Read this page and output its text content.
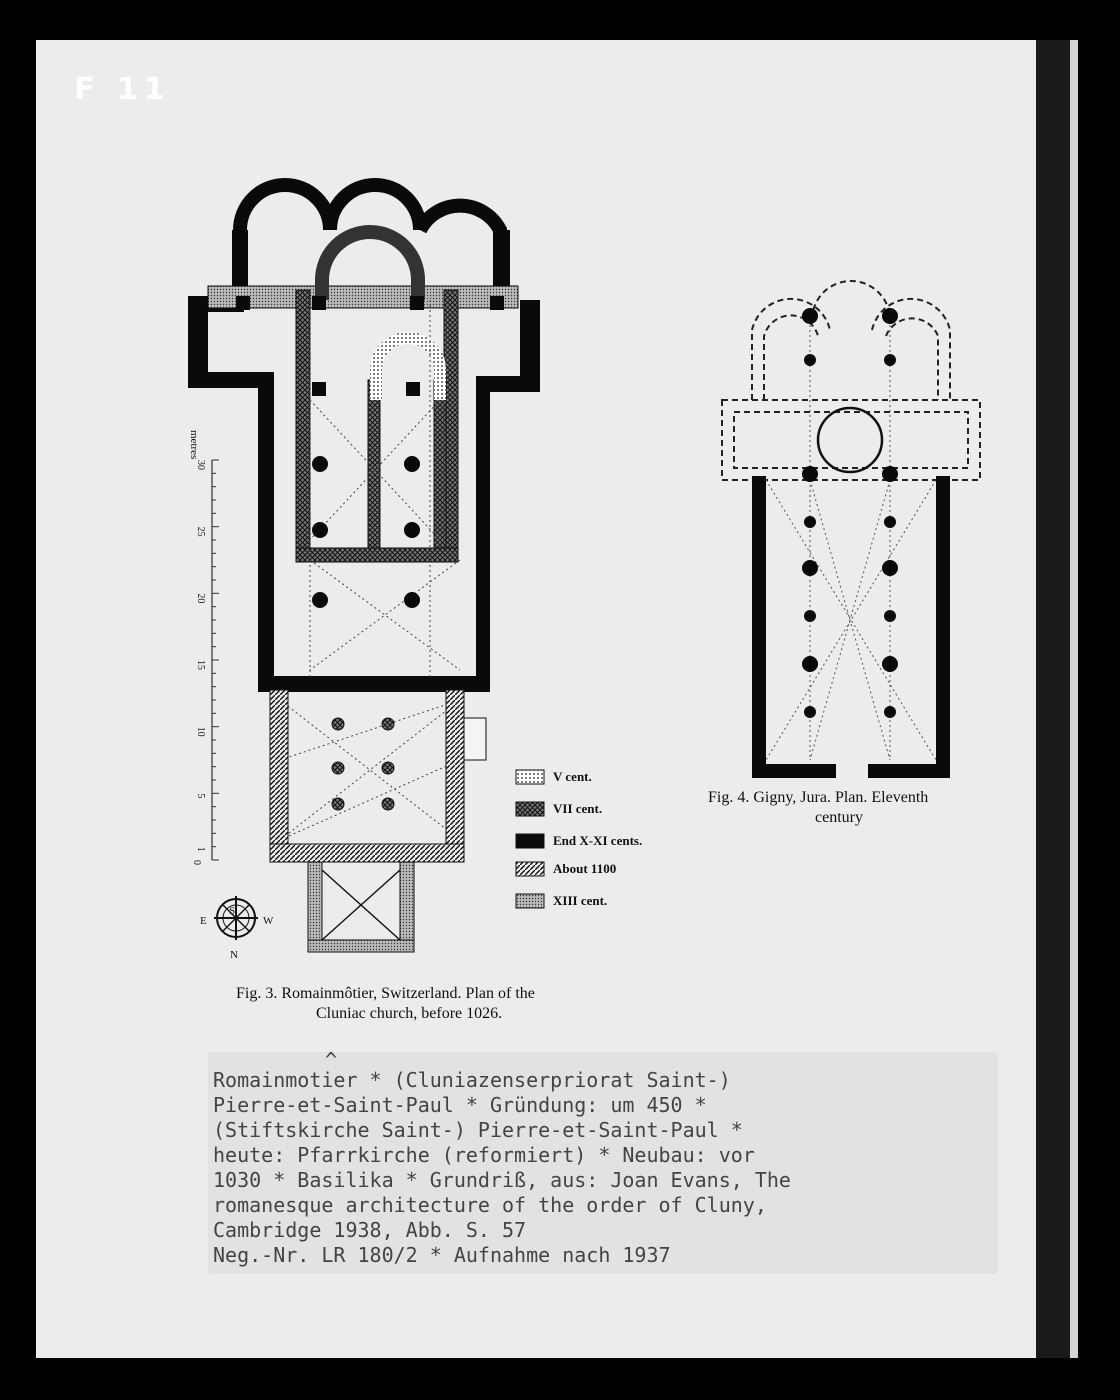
F 11
0
1
5
10
15
20
25
30
metres
S
E	W
N
V cent.
VII cent.
End X-XI cents.
About 1100
XIII cent.
Fig. 3. Romainmôtier, Switzerland. Plan of the
Cluniac church, before 1026.
Fig. 4. Gigny, Jura. Plan. Eleventh
century
^
Romainmotier * (Cluniazenserpriorat Saint-)
Pierre-et-Saint-Paul * Gründung: um 450 *
(Stiftskirche Saint-) Pierre-et-Saint-Paul *
heute: Pfarrkirche (reformiert) * Neubau: vor
1030 * Basilika * Grundriß, aus: Joan Evans, The
romanesque architecture of the order of Cluny,
Cambridge 1938, Abb. S. 57
Neg.-Nr. LR 180/2 * Aufnahme nach 1937
